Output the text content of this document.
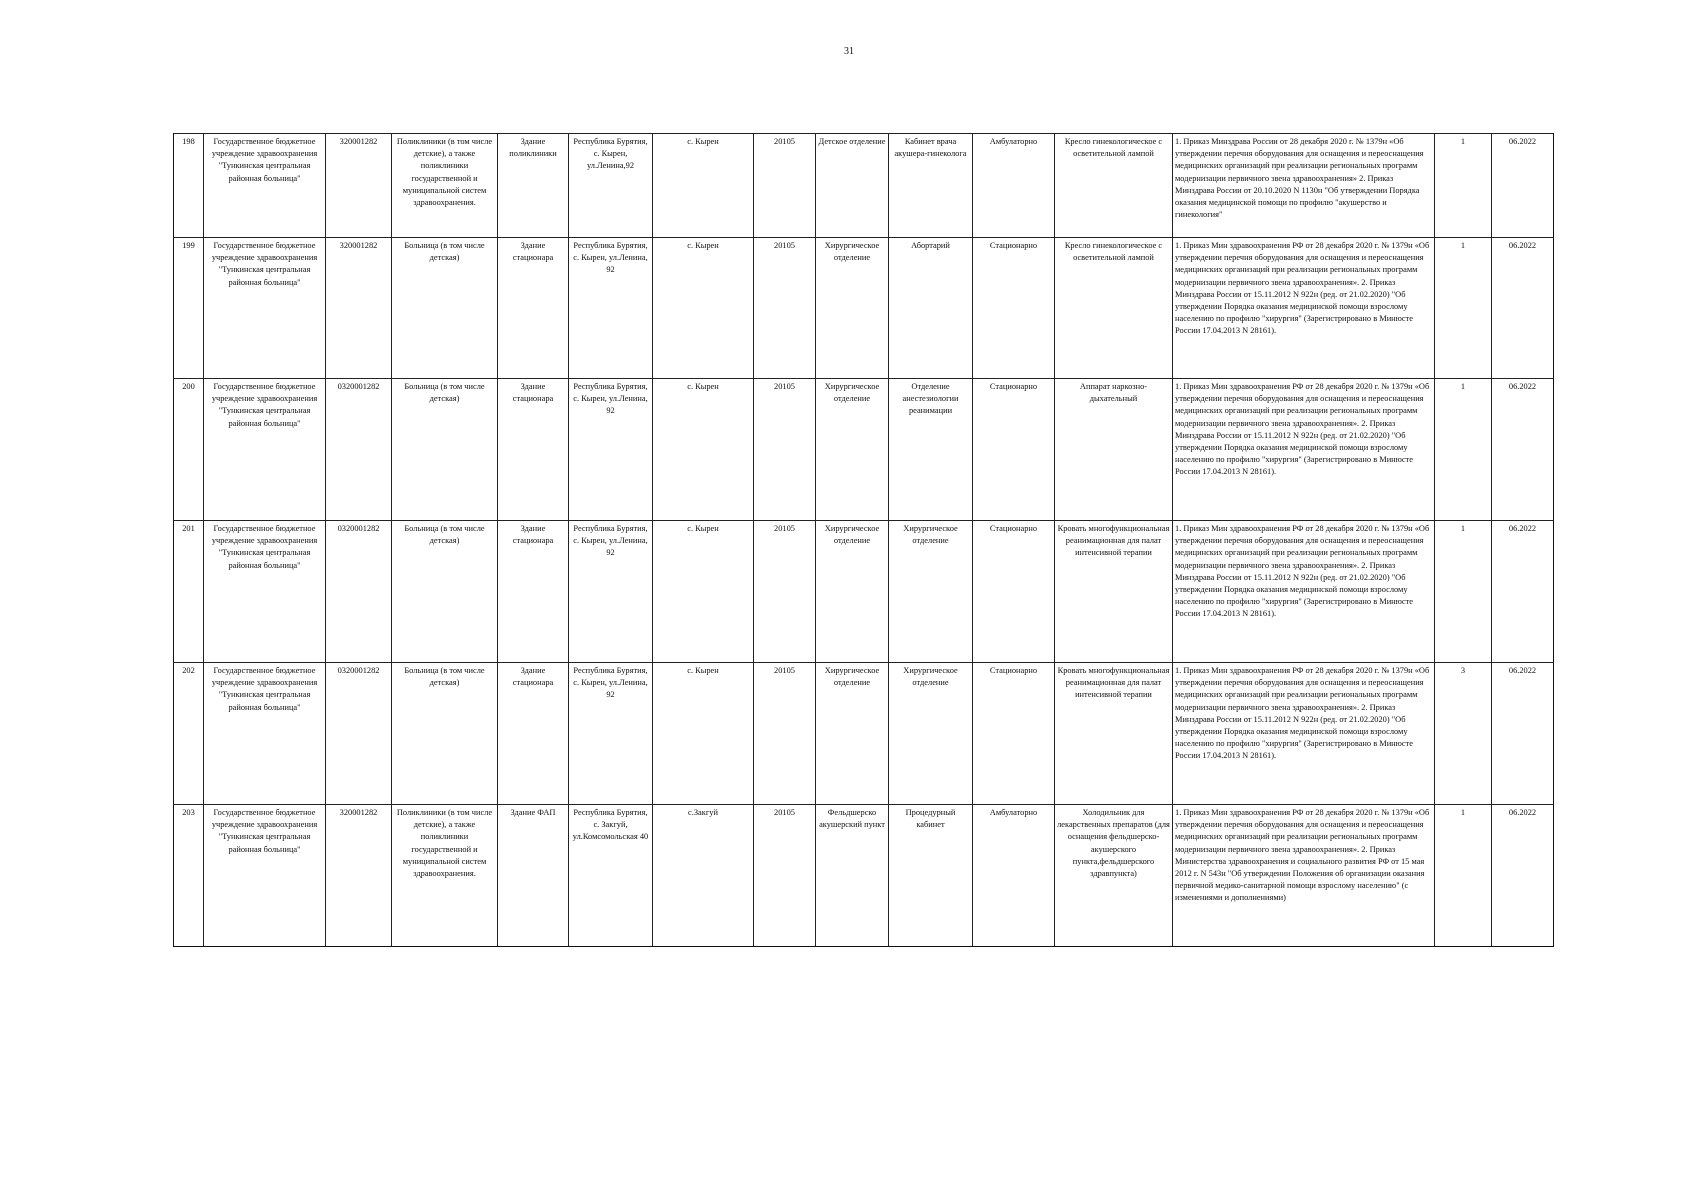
31
198	Государственное бюджетное учреждение здравоохранения "Тункинская центральная районная больница"	320001282	Поликлиники (в том числе детские), а также поликлиники государственной и муниципальной систем здравоохранения.	Здание поликлиники	Республика Бурятия, с. Кырен, ул.Ленина,92	с. Кырен	20105	Детское отделение	Кабинет врача акушера-гинеколога	Амбулаторно	Кресло гинекологическое с осветительной лампой	1. Приказ Минздрава России от 28 декабря 2020 г. № 1379н «Об утверждении перечня оборудования для оснащения и переоснащения медицинских организаций при реализации региональных программ модернизации первичного звена здравоохранения» 2. Приказ Минздрава России от 20.10.2020 N 1130н "Об утверждении Порядка оказания медицинской помощи по профилю "акушерство и гинекология"	1	06.2022
199	Государственное бюджетное учреждение здравоохранения "Тункинская центральная районная больница"	320001282	Больница (в том числе детская)	Здание стационара	Республика Бурятия, с. Кырен, ул.Ленина, 92	с. Кырен	20105	Хирургическое отделение	Абортарий	Стационарно	Кресло гинекологическое с осветительной лампой	1. Приказ Мин здравоохранения РФ от 28 декабря 2020 г. № 1379н «Об утверждении перечня оборудования для оснащения и переоснащения медицинских организаций при реализации региональных программ модернизации первичного звена здравоохранения». 2. Приказ Минздрава России от 15.11.2012 N 922н (ред. от 21.02.2020) "Об утверждении Порядка оказания медицинской помощи взрослому населению по профилю "хирургия" (Зарегистрировано в Минюсте России 17.04.2013 N 28161).	1	06.2022
200	Государственное бюджетное учреждение здравоохранения "Тункинская центральная районная больница"	0320001282	Больница (в том числе детская)	Здание стационара	Республика Бурятия, с. Кырен, ул.Ленина, 92	с. Кырен	20105	Хирургическое отделение	Отделение анестезиологии реанимации	Стационарно	Аппарат наркозно-дыхательный	1. Приказ Мин здравоохранения РФ от 28 декабря 2020 г. № 1379н «Об утверждении перечня оборудования для оснащения и переоснащения медицинских организаций при реализации региональных программ модернизации первичного звена здравоохранения». 2. Приказ Минздрава России от 15.11.2012 N 922н (ред. от 21.02.2020) "Об утверждении Порядка оказания медицинской помощи взрослому населению по профилю "хирургия" (Зарегистрировано в Минюсте России 17.04.2013 N 28161).	1	06.2022
201	Государственное бюджетное учреждение здравоохранения "Тункинская центральная районная больница"	0320001282	Больница (в том числе детская)	Здание стационара	Республика Бурятия, с. Кырен, ул.Ленина, 92	с. Кырен	20105	Хирургическое отделение	Хирургическое отделение	Стационарно	Кровать многофункциональная реанимационная для палат интенсивной терапии	1. Приказ Мин здравоохранения РФ от 28 декабря 2020 г. № 1379н «Об утверждении перечня оборудования для оснащения и переоснащения медицинских организаций при реализации региональных программ модернизации первичного звена здравоохранения». 2. Приказ Минздрава России от 15.11.2012 N 922н (ред. от 21.02.2020) "Об утверждении Порядка оказания медицинской помощи взрослому населению по профилю "хирургия" (Зарегистрировано в Минюсте России 17.04.2013 N 28161).	1	06.2022
202	Государственное бюджетное учреждение здравоохранения "Тункинская центральная районная больница"	0320001282	Больница (в том числе детская)	Здание стационара	Республика Бурятия, с. Кырен, ул.Ленина, 92	с. Кырен	20105	Хирургическое отделение	Хирургическое отделение	Стационарно	Кровать многофункциональная реанимационная для палат интенсивной терапии	1. Приказ Мин здравоохранения РФ от 28 декабря 2020 г. № 1379н «Об утверждении перечня оборудования для оснащения и переоснащения медицинских организаций при реализации региональных программ модернизации первичного звена здравоохранения». 2. Приказ Минздрава России от 15.11.2012 N 922н (ред. от 21.02.2020) "Об утверждении Порядка оказания медицинской помощи взрослому населению по профилю "хирургия" (Зарегистрировано в Минюсте России 17.04.2013 N 28161).	3	06.2022
203	Государственное бюджетное учреждение здравоохранения "Тункинская центральная районная больница"	320001282	Поликлиники (в том числе детские), а также поликлиники государственной и муниципальной систем здравоохранения.	Здание ФАП	Республика Бурятия, с. Закгуй, ул.Комсомольская 40	с.Закгуй	20105	Фельдшерско акушерский пункт	Процедурный кабинет	Амбулаторно	Холодильник для лекарственных препаратов (для оснащения фельдшерско-акушерского пункта,фельдшерского здравпункта)	1. Приказ Мин здравоохранения РФ от 28 декабря 2020 г. № 1379н «Об утверждении перечня оборудования для оснащения и переоснащения медицинских организаций при реализации региональных программ модернизации первичного звена здравоохранения». 2. Приказ Министерства здравоохранения и социального развития РФ от 15 мая 2012 г. N 543н "Об утверждении Положения об организации оказания первичной медико-санитарной помощи взрослому населению" (с изменениями и дополнениями)	1	06.2022
